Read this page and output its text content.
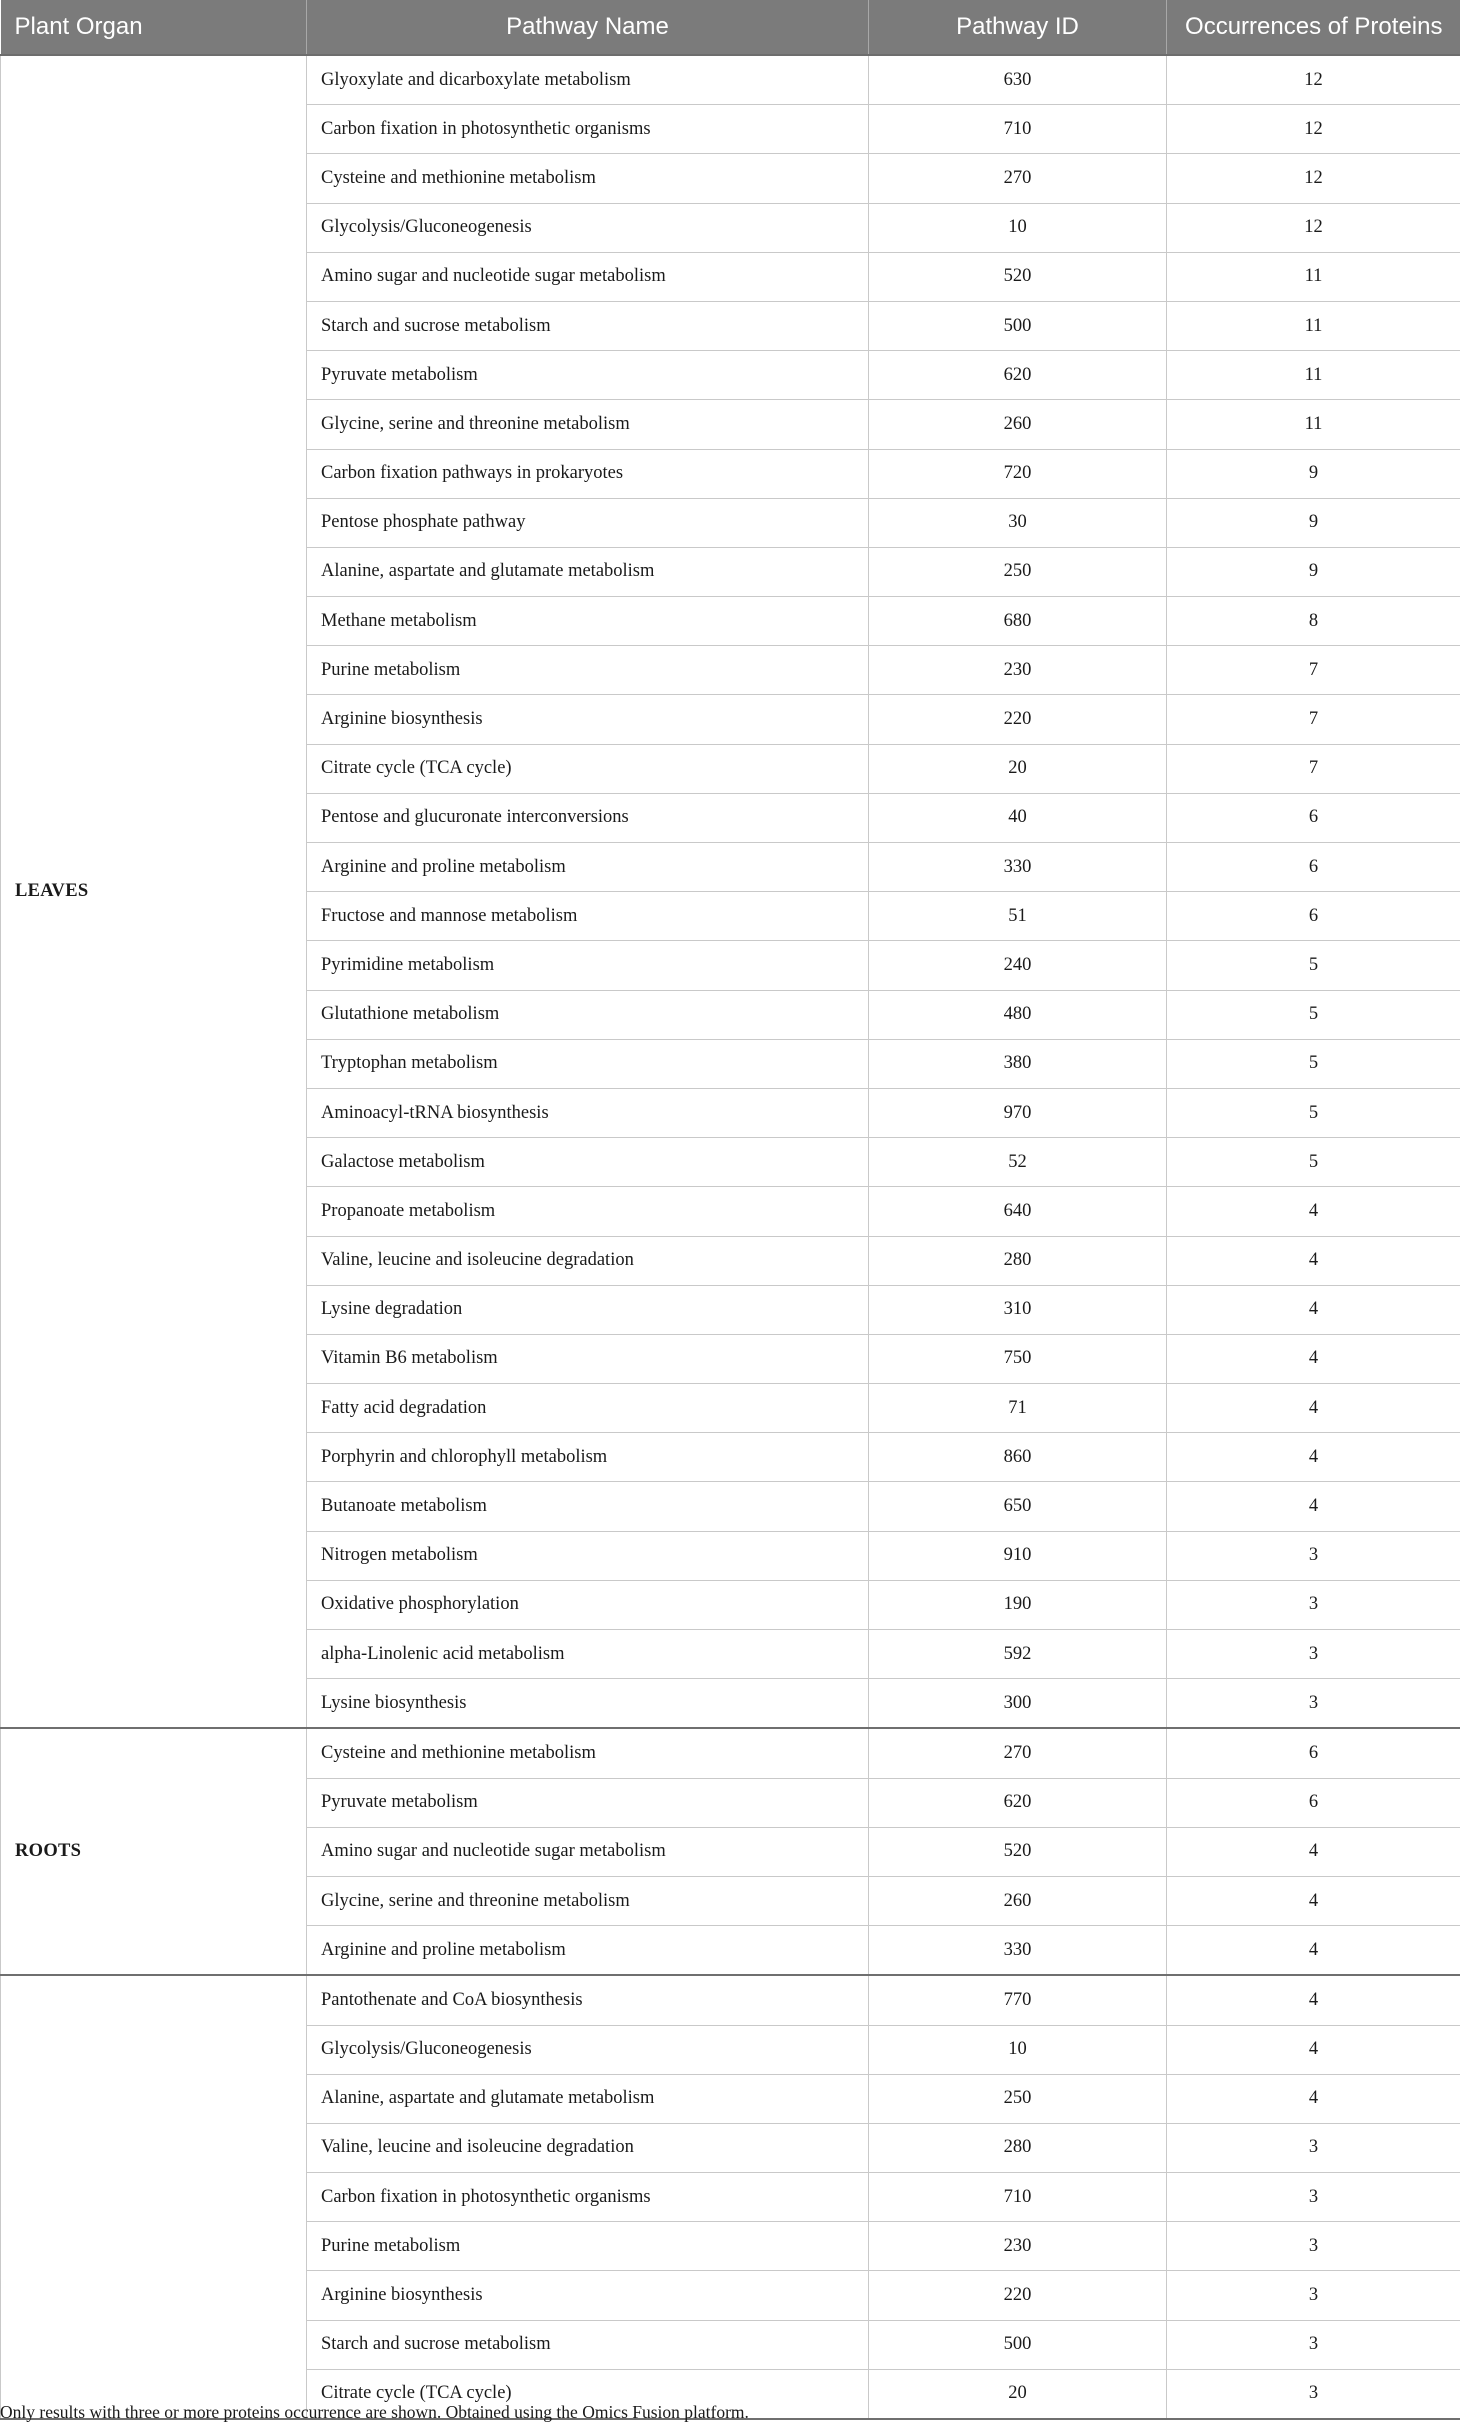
Plant Organ	Pathway Name	Pathway ID	Occurrences of Proteins
LEAVES	Glyoxylate and dicarboxylate metabolism	630	12
	Carbon fixation in photosynthetic organisms	710	12
	Cysteine and methionine metabolism	270	12
	Glycolysis/Gluconeogenesis	10	12
	Amino sugar and nucleotide sugar metabolism	520	11
	Starch and sucrose metabolism	500	11
	Pyruvate metabolism	620	11
	Glycine, serine and threonine metabolism	260	11
	Carbon fixation pathways in prokaryotes	720	9
	Pentose phosphate pathway	30	9
	Alanine, aspartate and glutamate metabolism	250	9
	Methane metabolism	680	8
	Purine metabolism	230	7
	Arginine biosynthesis	220	7
	Citrate cycle (TCA cycle)	20	7
	Pentose and glucuronate interconversions	40	6
	Arginine and proline metabolism	330	6
	Fructose and mannose metabolism	51	6
	Pyrimidine metabolism	240	5
	Glutathione metabolism	480	5
	Tryptophan metabolism	380	5
	Aminoacyl-tRNA biosynthesis	970	5
	Galactose metabolism	52	5
	Propanoate metabolism	640	4
	Valine, leucine and isoleucine degradation	280	4
	Lysine degradation	310	4
	Vitamin B6 metabolism	750	4
	Fatty acid degradation	71	4
	Porphyrin and chlorophyll metabolism	860	4
	Butanoate metabolism	650	4
	Nitrogen metabolism	910	3
	Oxidative phosphorylation	190	3
	alpha-Linolenic acid metabolism	592	3
	Lysine biosynthesis	300	3
ROOTS	Cysteine and methionine metabolism	270	6
	Pyruvate metabolism	620	6
	Amino sugar and nucleotide sugar metabolism	520	4
	Glycine, serine and threonine metabolism	260	4
	Arginine and proline metabolism	330	4
	Pantothenate and CoA biosynthesis	770	4
	Glycolysis/Gluconeogenesis	10	4
	Alanine, aspartate and glutamate metabolism	250	4
	Valine, leucine and isoleucine degradation	280	3
	Carbon fixation in photosynthetic organisms	710	3
	Purine metabolism	230	3
	Arginine biosynthesis	220	3
	Starch and sucrose metabolism	500	3
	Citrate cycle (TCA cycle)	20	3

Only results with three or more proteins occurrence are shown. Obtained using the Omics Fusion platform.
